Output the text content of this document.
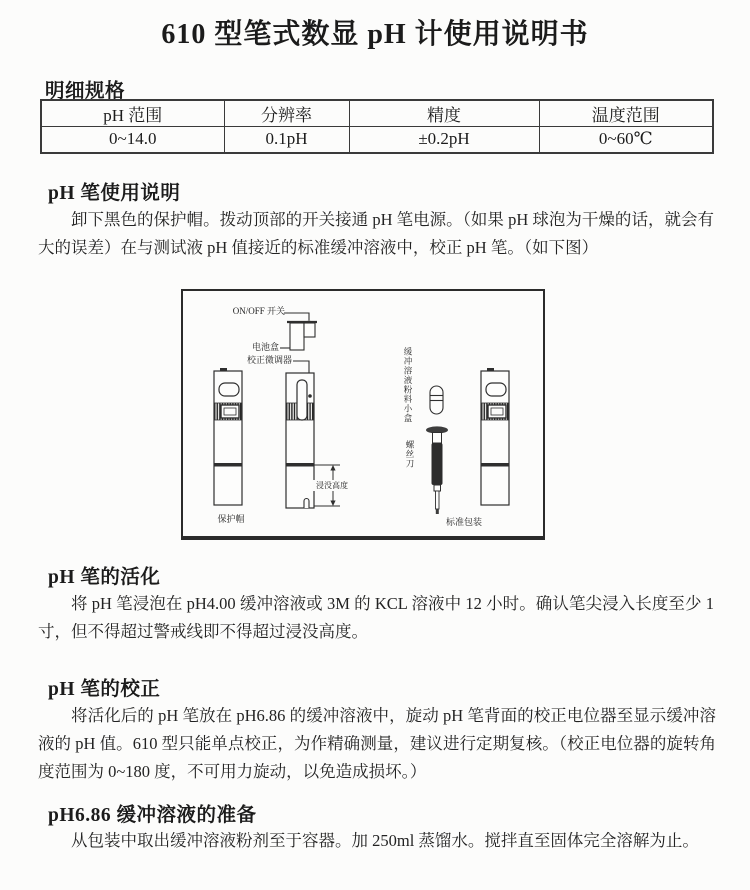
610 型笔式数显 pH 计使用说明书
明细规格
pH 范围	分辨率	精度	温度范围
0~14.0	0.1pH	±0.2pH	0~60℃
pH 笔使用说明
卸下黑色的保护帽。拨动顶部的开关接通 pH 笔电源。（如果 pH 球泡为干燥的话，就会有大的误差）在与测试液 pH 值接近的标准缓冲溶液中，校正 pH 笔。（如下图）
ON/OFF 开关
电池盒
校正微调器	缓冲溶液粉料小盒
螺丝刀
浸没高度
保护帽	标准包装
pH 笔的活化
将 pH 笔浸泡在 pH4.00 缓冲溶液或 3M 的 KCL 溶液中 12 小时。确认笔尖浸入长度至少 1 寸，但不得超过警戒线即不得超过浸没高度。
pH 笔的校正
将活化后的 pH 笔放在 pH6.86 的缓冲溶液中，旋动 pH 笔背面的校正电位器至显示缓冲溶液的 pH 值。610 型只能单点校正，为作精确测量，建议进行定期复核。（校正电位器的旋转角度范围为 0~180 度，不可用力旋动，以免造成损坏。）
pH6.86 缓冲溶液的准备
从包装中取出缓冲溶液粉剂至于容器。加 250ml 蒸馏水。搅拌直至固体完全溶解为止。
